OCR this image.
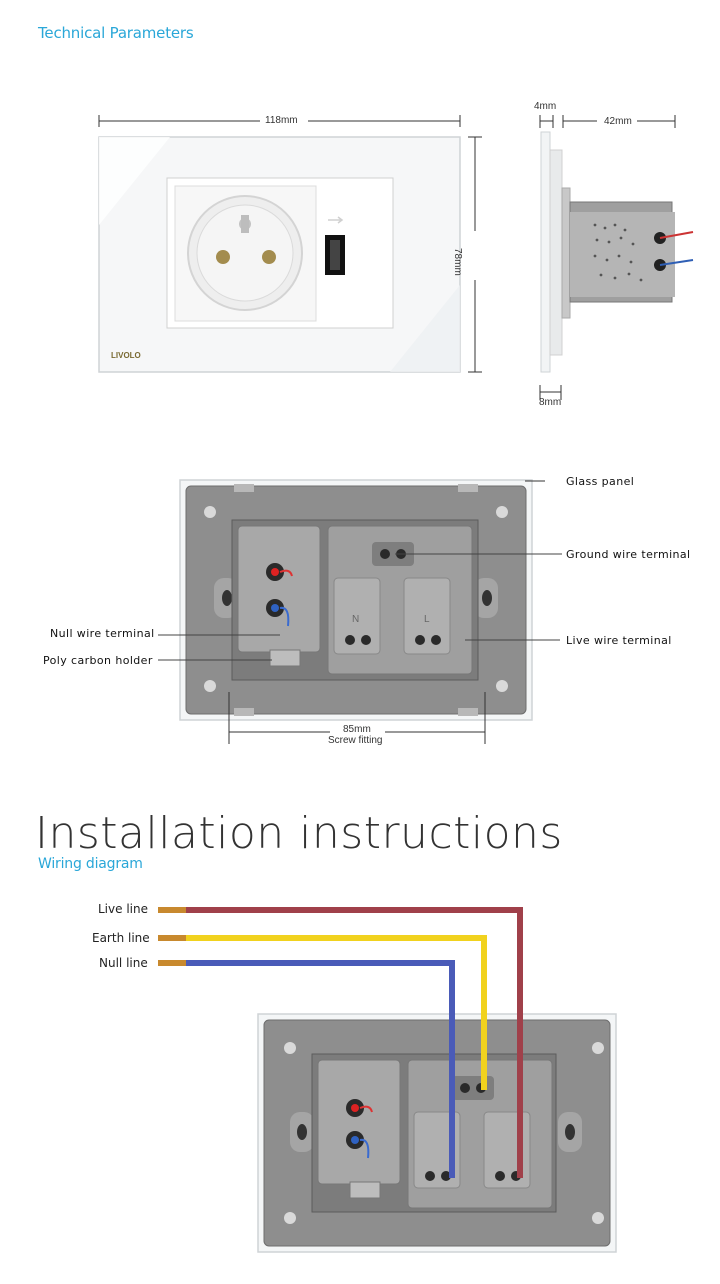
Technical Parameters
LIVOLO
118mm
78mm
4mm
42mm
8mm
N	L
Glass panel
Ground wire terminal
Live wire terminal
Null wire terminal
Poly carbon holder
85mm
Screw fitting
Installation instructions
Wiring diagram
Live line
Earth line
Null line
